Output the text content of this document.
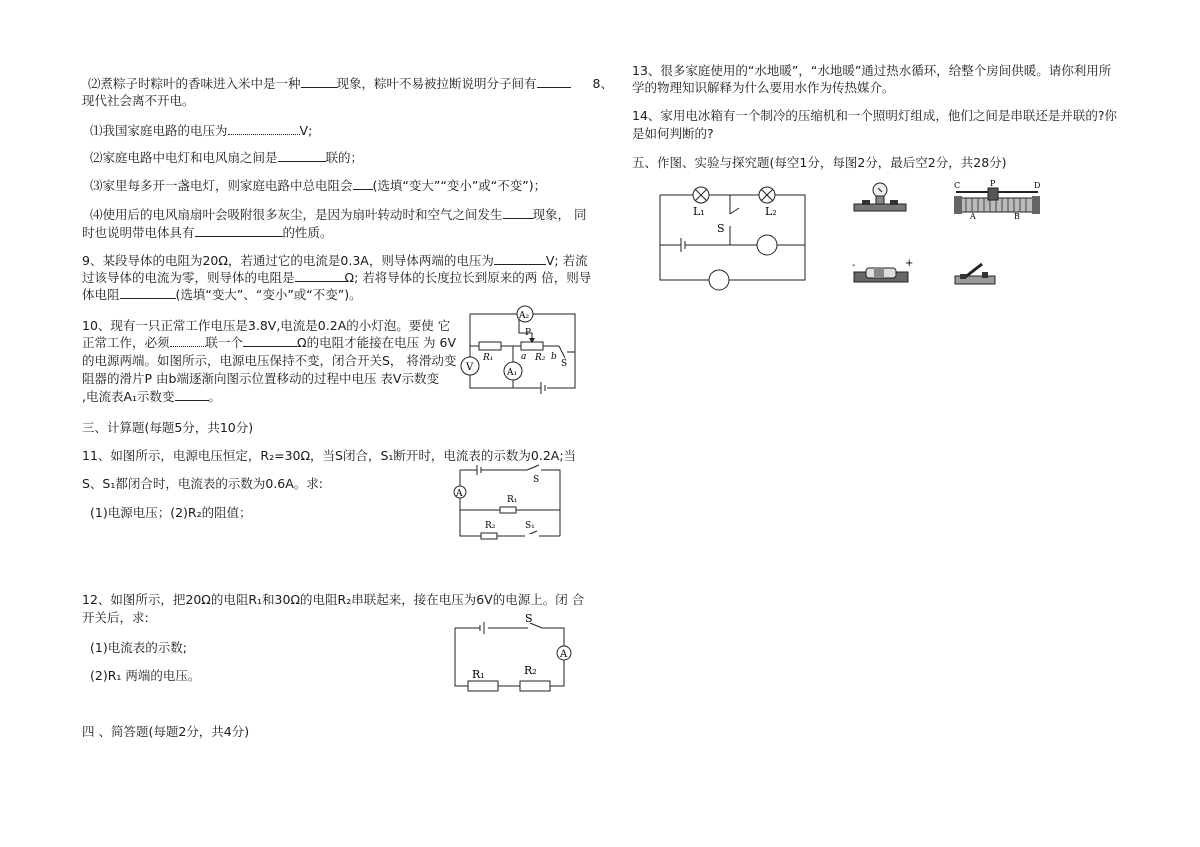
⑵煮粽子时粽叶的香味进入米中是一种	现象，粽叶不易被拉断说明分子间有	8、
现代社会离不开电。
⑴我国家庭电路的电压为	V;
⑵家庭电路中电灯和电风扇之间是	联的；
⑶家里每多开一盏电灯，则家庭电路中总电阻会 (选填“变大”“变小”或“不变”)；
⑷使用后的电风扇扇叶会吸附很多灰尘，是因为扇叶转动时和空气之间发生 现象， 同
时也说明带电体具有	的性质。
9、某段导体的电阻为20Ω，若通过它的电流是0.3A，则导体两端的电压为	V; 若流
过该导体的电流为零，则导体的电阻是	Ω; 若将导体的长度拉长到原来的两 倍，则导
体电阻	(选填“变大”、“变小”或“不变”)。
10、现有一只正常工作电压是3.8V,电流是0.2A的小灯泡。要使 它
正常工作，必须	联一个	Ω的电阻才能接在电压 为 6V
的电源两端。如图所示，电源电压保持不变，闭合开关S， 将滑动变
阻器的滑片P 由b端逐渐向图示位置移动的过程中电压 表V示数变
,电流表A₁示数变	。
A₂
A₁
V
P
R₁	R₂
a	b
S
三、计算题(每题5分，共10分)
11、如图所示，电源电压恒定，R₂=30Ω，当S闭合，S₁断开时，电流表的示数为0.2A;当
S、S₁都闭合时，电流表的示数为0.6A。求:
(1)电源电压；(2)R₂的阻值；
A
R₁
R₂
S
S₁
12、如图所示，把20Ω的电阻R₁和30Ω的电阻R₂串联起来，接在电压为6V的电源上。闭 合
开关后，求:
(1)电流表的示数;
(2)R₁ 两端的电压。
A
S
R₁	R₂
四 、简答题(每题2分，共4分)
13、很多家庭使用的“水地暖”，“水地暖”通过热水循环，给整个房间供暖。请你利用所
学的物理知识解释为什么要用水作为传热媒介。
14、家用电冰箱有一个制冷的压缩机和一个照明灯组成，他们之间是串联还是并联的?你
是如何判断的?
五、作图、实验与探究题(每空1分，每图2分，最后空2分，共28分)
L₁	L₂
S
C	P	D
A	B
-	+
